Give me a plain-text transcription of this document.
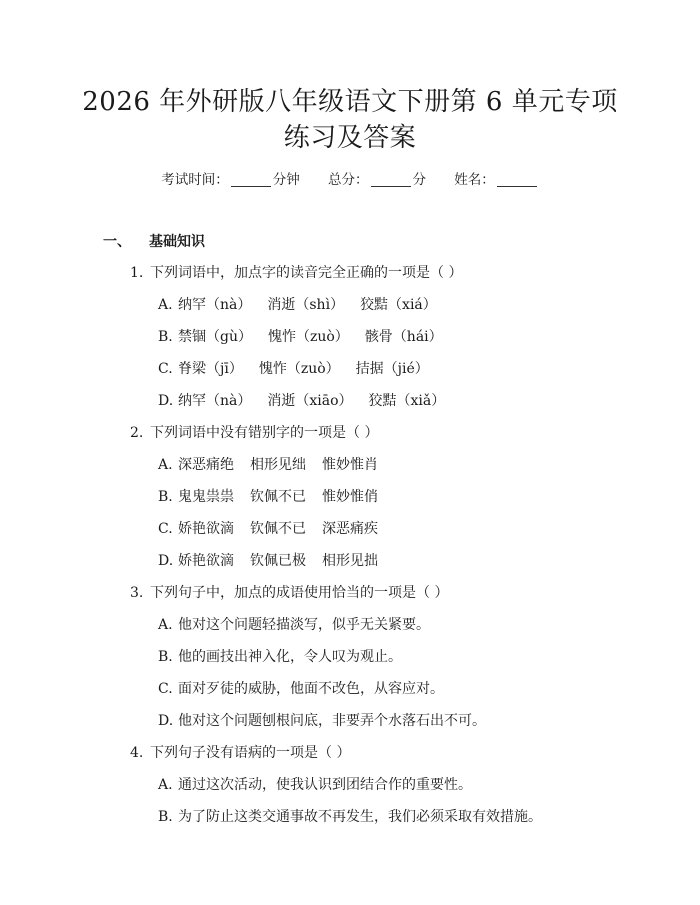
2026 年外研版八年级语文下册第 6 单元专项
练习及答案
考试时间：	分钟 总分：	分 姓名：
一、 基础知识
1. 下列词语中，加点字的读音完全正确的一项是（ ）
A. 纳罕（nà） 消逝（shì） 狡黠（xiá）
B. 禁锢（gù） 愧怍（zuò） 骸骨（hái）
C. 脊梁（jī） 愧怍（zuò） 拮据（jié）
D. 纳罕（nà） 消逝（xiāo） 狡黠（xiǎ）
2. 下列词语中没有错别字的一项是（ ）
A. 深恶痛绝 相形见绌 惟妙惟肖
B. 鬼鬼祟祟 钦佩不已 惟妙惟俏
C. 娇艳欲滴 钦佩不已 深恶痛疾
D. 娇艳欲滴 钦佩已极 相形见拙
3. 下列句子中，加点的成语使用恰当的一项是（ ）
A. 他对这个问题轻描淡写，似乎无关紧要。
B. 他的画技出神入化，令人叹为观止。
C. 面对歹徒的威胁，他面不改色，从容应对。
D. 他对这个问题刨根问底，非要弄个水落石出不可。
4. 下列句子没有语病的一项是（ ）
A. 通过这次活动，使我认识到团结合作的重要性。
B. 为了防止这类交通事故不再发生，我们必须采取有效措施。
